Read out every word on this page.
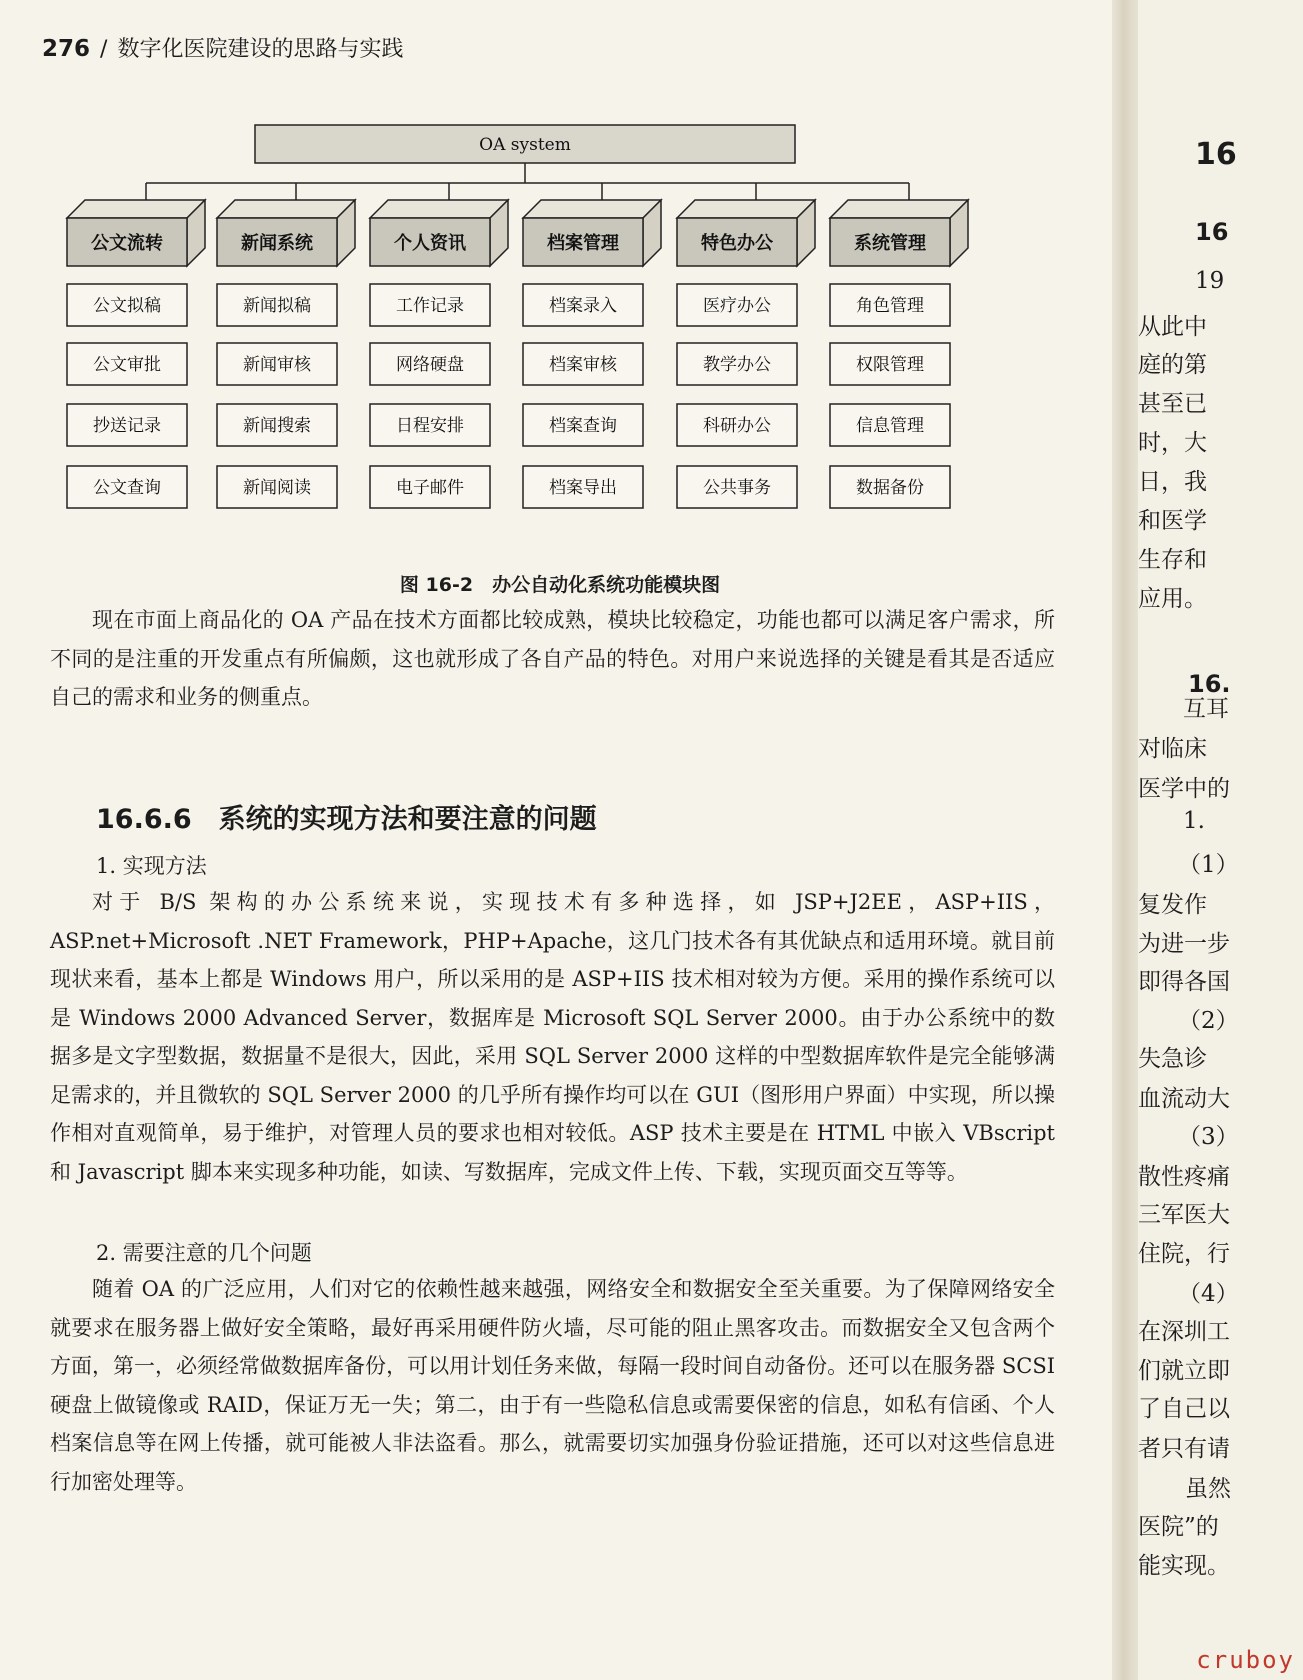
276 / 数字化医院建设的思路与实践
OA system
公文流转
公文拟稿
公文审批
抄送记录
公文查询
新闻系统
新闻拟稿
新闻审核
新闻搜索
新闻阅读
个人资讯
工作记录
网络硬盘
日程安排
电子邮件
档案管理
档案录入
档案审核
档案查询
档案导出
特色办公
医疗办公
教学办公
科研办公
公共事务
系统管理
角色管理
权限管理
信息管理
数据备份
图 16-2　办公自动化系统功能模块图

现在市面上商品化的 OA 产品在技术方面都比较成熟，模块比较稳定，功能也都可以满足客户需求，所不同的是注重的开发重点有所偏颇，这也就形成了各自产品的特色。对用户来说选择的关键是看其是否适应自己的需求和业务的侧重点。

16.6.6　系统的实现方法和要注意的问题
1. 实现方法

对于 B/S 架构的办公系统来说，实现技术有多种选择，如 JSP+J2EE，ASP+IIS，ASP.net+Microsoft .NET Framework，PHP+Apache，这几门技术各有其优缺点和适用环境。就目前现状来看，基本上都是 Windows 用户，所以采用的是 ASP+IIS 技术相对较为方便。采用的操作系统可以是 Windows 2000 Advanced Server，数据库是 Microsoft SQL Server 2000。由于办公系统中的数据多是文字型数据，数据量不是很大，因此，采用 SQL Server 2000 这样的中型数据库软件是完全能够满足需求的，并且微软的 SQL Server 2000 的几乎所有操作均可以在 GUI（图形用户界面）中实现，所以操作相对直观简单，易于维护，对管理人员的要求也相对较低。ASP 技术主要是在 HTML 中嵌入 VBscript 和 Javascript 脚本来实现多种功能，如读、写数据库，完成文件上传、下载，实现页面交互等等。

2. 需要注意的几个问题

随着 OA 的广泛应用，人们对它的依赖性越来越强，网络安全和数据安全至关重要。为了保障网络安全就要求在服务器上做好安全策略，最好再采用硬件防火墙，尽可能的阻止黑客攻击。而数据安全又包含两个方面，第一，必须经常做数据库备份，可以用计划任务来做，每隔一段时间自动备份。还可以在服务器 SCSI 硬盘上做镜像或 RAID，保证万无一失；第二，由于有一些隐私信息或需要保密的信息，如私有信函、个人档案信息等在网上传播，就可能被人非法盗看。那么，就需要切实加强身份验证措施，还可以对这些信息进行加密处理等。

16
16
16.
19
从此中
庭的第
甚至已
时，大
日，我
和医学
生存和
应用。
互耳
对临床
医学中的
1.
（1）
复发作
为进一步
即得各国
（2）
失急诊
血流动大
（3）
散性疼痛
三军医大
住院，行
（4）
在深圳工
们就立即
了自己以
者只有请
虽然
医院”的
能实现。
cruboy
